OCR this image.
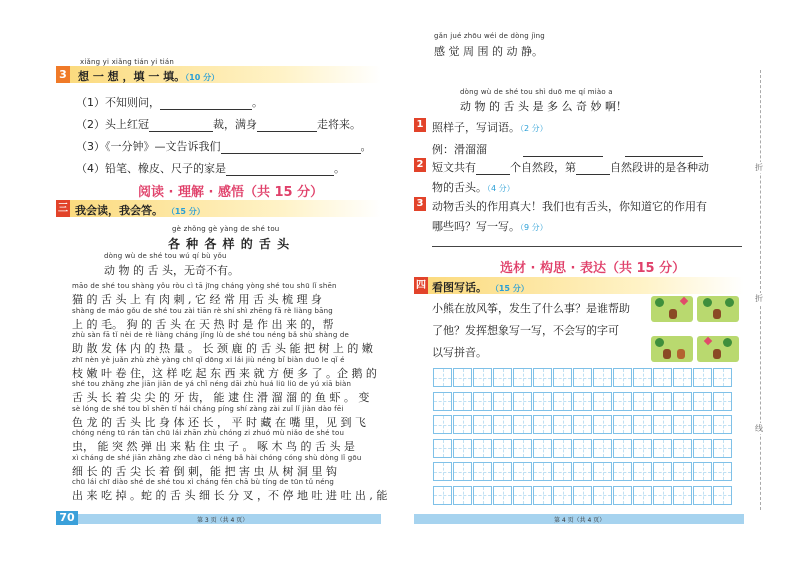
xiǎng yi xiǎng tián yi tián
3 想 一 想 ，填 一 填。（10 分）
（1）不知则问，	。
（2）头上红冠	裁，满身	走将来。
（3）《一分钟》—文告诉我们	。
（4）铅笔、橡皮、尺子的家是	。
阅读 · 理解 · 感悟（共 15 分）
三 我会读，我会答。 （15 分）
gè zhǒng gè yàng de shé tou
各 种 各 样 的 舌 头
dòng wù de shé tou wú qí bù yǒu
动 物 的 舌 头，无奇不有。
māo de shé tou shàng yǒu ròu cì tā jīng cháng yòng shé tou shū lǐ shēn
猫 的 舌 头 上 有 肉 刺 , 它 经 常 用 舌 头 梳 理 身
shàng de máo gǒu de shé tou zài tiān rè shí shì zhēng fā rè liàng bāng
上 的 毛。 狗 的 舌 头 在 天 热 时 是 作 出 来 的，帮
zhù sàn fā tǐ nèi de rè liàng cháng jǐng lù de shé tou néng bǎ shù shàng de
助 散 发 体 内 的 热 量 。 长 颈 鹿 的 舌 头 能 把 树 上 的 嫩
zhī nèn yè juǎn zhù zhè yàng chī qǐ dōng xi lái jiù néng bǐ biàn duō le qǐ é
枝 嫩 叶 卷 住，这 样 吃 起 东 西 来 就 方 便 多 了 。企 鹅 的
shé tou zhǎng zhe jiān jiān de yá chǐ néng dāi zhù huá liū liū de yú xiā biàn
舌 头 长 着 尖 尖 的 牙 齿， 能 逮 住 滑 溜 溜 的 鱼 虾 。 变
sè lóng de shé tou bǐ shēn tǐ hái cháng píng shí zàng zài zuǐ lǐ jiàn dào fēi
色 龙 的 舌 头 比 身 体 还 长 ， 平 时 藏 在 嘴 里，见 到 飞
chóng néng tū rán tān chū lái zhān zhù chóng zi zhuó mù niǎo de shé tou
虫， 能 突 然 弹 出 来 粘 住 虫 子 。 啄 木 鸟 的 舌 头 是
xì cháng de shé jiān zhǎng zhe dào cì néng bǎ hài chóng cóng shù dòng lǐ gōu
细 长 的 舌 尖 长 着 倒 刺，能 把 害 虫 从 树 洞 里 钩
chū lái chī diào shé de shé tou xì cháng fēn chā bù tíng de tūn tǔ néng
出 来 吃 掉 。蛇 的 舌 头 细 长 分 叉 ，不 停 地 吐 进 吐 出 , 能
70	第 3 页（共 4 页）
gǎn jué zhōu wéi de dòng jìng
感 觉 周 围 的 动 静。
dòng wù de shé tou shì duō me qí miào a
动 物 的 舌 头 是 多 么 奇 妙 啊！
1 照样子，写词语。（2 分）
例：滑溜溜
2 短文共有	个自然段，第	自然段讲的是各种动
物的舌头。（4 分）
3 动物舌头的作用真大！我们也有舌头，你知道它的作用有
哪些吗？写一写。（9 分）
选材 · 构思 · 表达（共 15 分）
四 看图写话。 （15 分）
小熊在放风筝，发生了什么事？是谁帮助
了他？发挥想象写一写，不会写的字可
以写拼音。
第 4 页（共 4 页）
折
折
线
